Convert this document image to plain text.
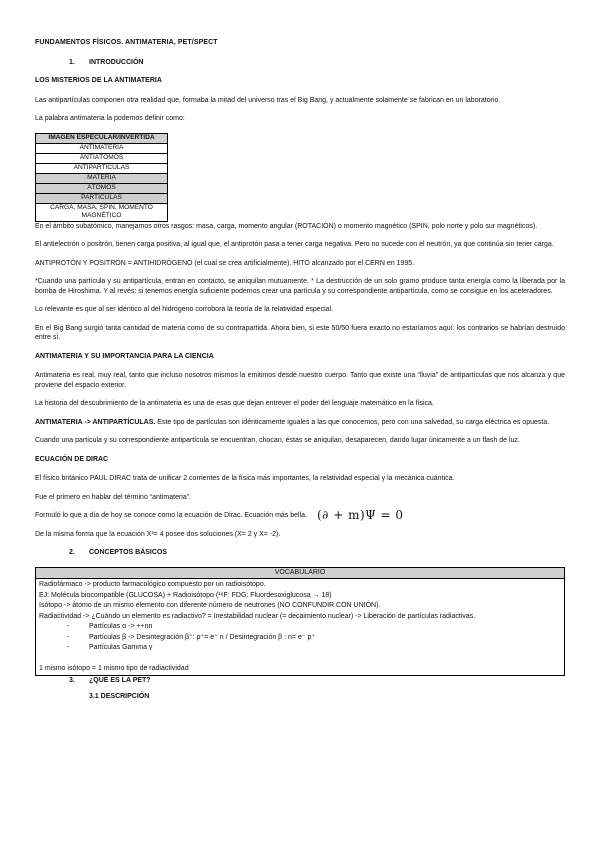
FUNDAMENTOS FÍSICOS. ANTIMATERIA, PET/SPECT
1. INTRODUCCIÓN
LOS MISTERIOS DE LA ANTIMATERIA
Las antipartículas componen otra realidad que, formaba la mitad del universo tras el Big Bang, y actualmente solamente se fabrican en un laboratorio.
La palabra antimateria la podemos definir como:
IMAGEN ESPECULAR/INVERTIDA
ANTIMATERIA
ANTIÁTOMOS
ANTIPARTÍCULAS
MATERIA
ÁTOMOS
PARTÍCULAS
CARGA, MASA, SPIN, MOMENTO MAGNÉTICO
En el ámbito subatómico, manejamos otros rasgos: masa, carga, momento angular (ROTACIÓN) o momento magnético (SPIN, polo norte y polo sur magnéticos).
El antielectrón o positrón, tienen carga positiva, al igual que, el antiprotón pasa a tener carga negativa. Pero no sucede con el neutrón, ya que continúa sin tener carga.
ANTIPROTÓN Y POSITRÓN = ANTIHIDRÓGENO (el cual se crea artificialmente). HITO alcanzado por el CERN en 1995.
*Cuando una partícula y su antipartícula, entran en contacto, se aniquilan mutuamente. * La destrucción de un solo gramo produce tanta energía como la liberada por la bomba de Hiroshima. Y al revés: si tenemos energía suficiente podemos crear una partícula y su correspondiente antipartícula, como se consigue en los aceleradores.
Lo relevante es que al ser idéntico al del hidrógeno corrobora la teoría de la relatividad especial.
En el Big Bang surgió tanta cantidad de materia como de su contrapartida. Ahora bien, si este 50/50 fuera exacto no estaríamos aquí: los contrarios se habrían destruido entre sí.
ANTIMATERIA Y SU IMPORTANCIA PARA LA CIENCIA
Antimateria es real, muy real, tanto que incluso nosotros mismos la emitimos desde nuestro cuerpo. Tanto que existe una “lluvia” de antipartículas que nos alcanza y que proviene del espacio exterior.
La historia del descubrimiento de la antimateria es una de esas que dejan entrever el poder del lenguaje matemático en la física.
ANTIMATERIA -> ANTIPARTÍCULAS. Este tipo de partículas son idénticamente iguales a las que conocemos, pero con una salvedad, su carga eléctrica es opuesta.
Cuando una partícula y su correspondiente antipartícula se encuentran, chocan, éstas se aniquilan, desaparecen, dando lugar únicamente a un flash de luz.
ECUACIÓN DE DIRAC
El físico británico PAUL DIRAC trata de unificar 2 corrientes de la física más importantes, la relatividad especial y la mecánica cuántica.
Fue el primero en hablar del término “antimateria”.
Formuló lo que a día de hoy se conoce como la ecuación de Dirac. Ecuación más bella. (∂ + m)Ψ = 0
De la misma forma que la ecuación X²= 4 posee dos soluciones (X= 2 y X= -2).
2. CONCEPTOS BÁSICOS
VOCABULARIO
Radiofármaco -> producto farmacológico compuesto por un radioisótopo.
EJ: Molécula biocompatible (GLUCOSA) + Radioisótopo (¹⁸F: FDG: Fluordesoxiglucosa → 18)
Isótopo -> átomo de un mismo elemento con diferente número de neutrones (NO CONFUNDIR CON UNIÓN).
Radiactividad -> ¿Cuándo un elemento es radiactivo? = Inestabilidad nuclear (= decaimiento nuclear) -> Liberación de partículas radiactivas.
-	Partículas α -> ++nn
-	Partículas β -> Desintegración β⁺: p⁺= e⁺ n / Desintegración β : n= e⁻ p⁺
-	Partículas Gamma γ
1 mismo isótopo = 1 mismo tipo de radiactividad
3. ¿QUÉ ES LA PET?
3.1 DESCRIPCIÓN
